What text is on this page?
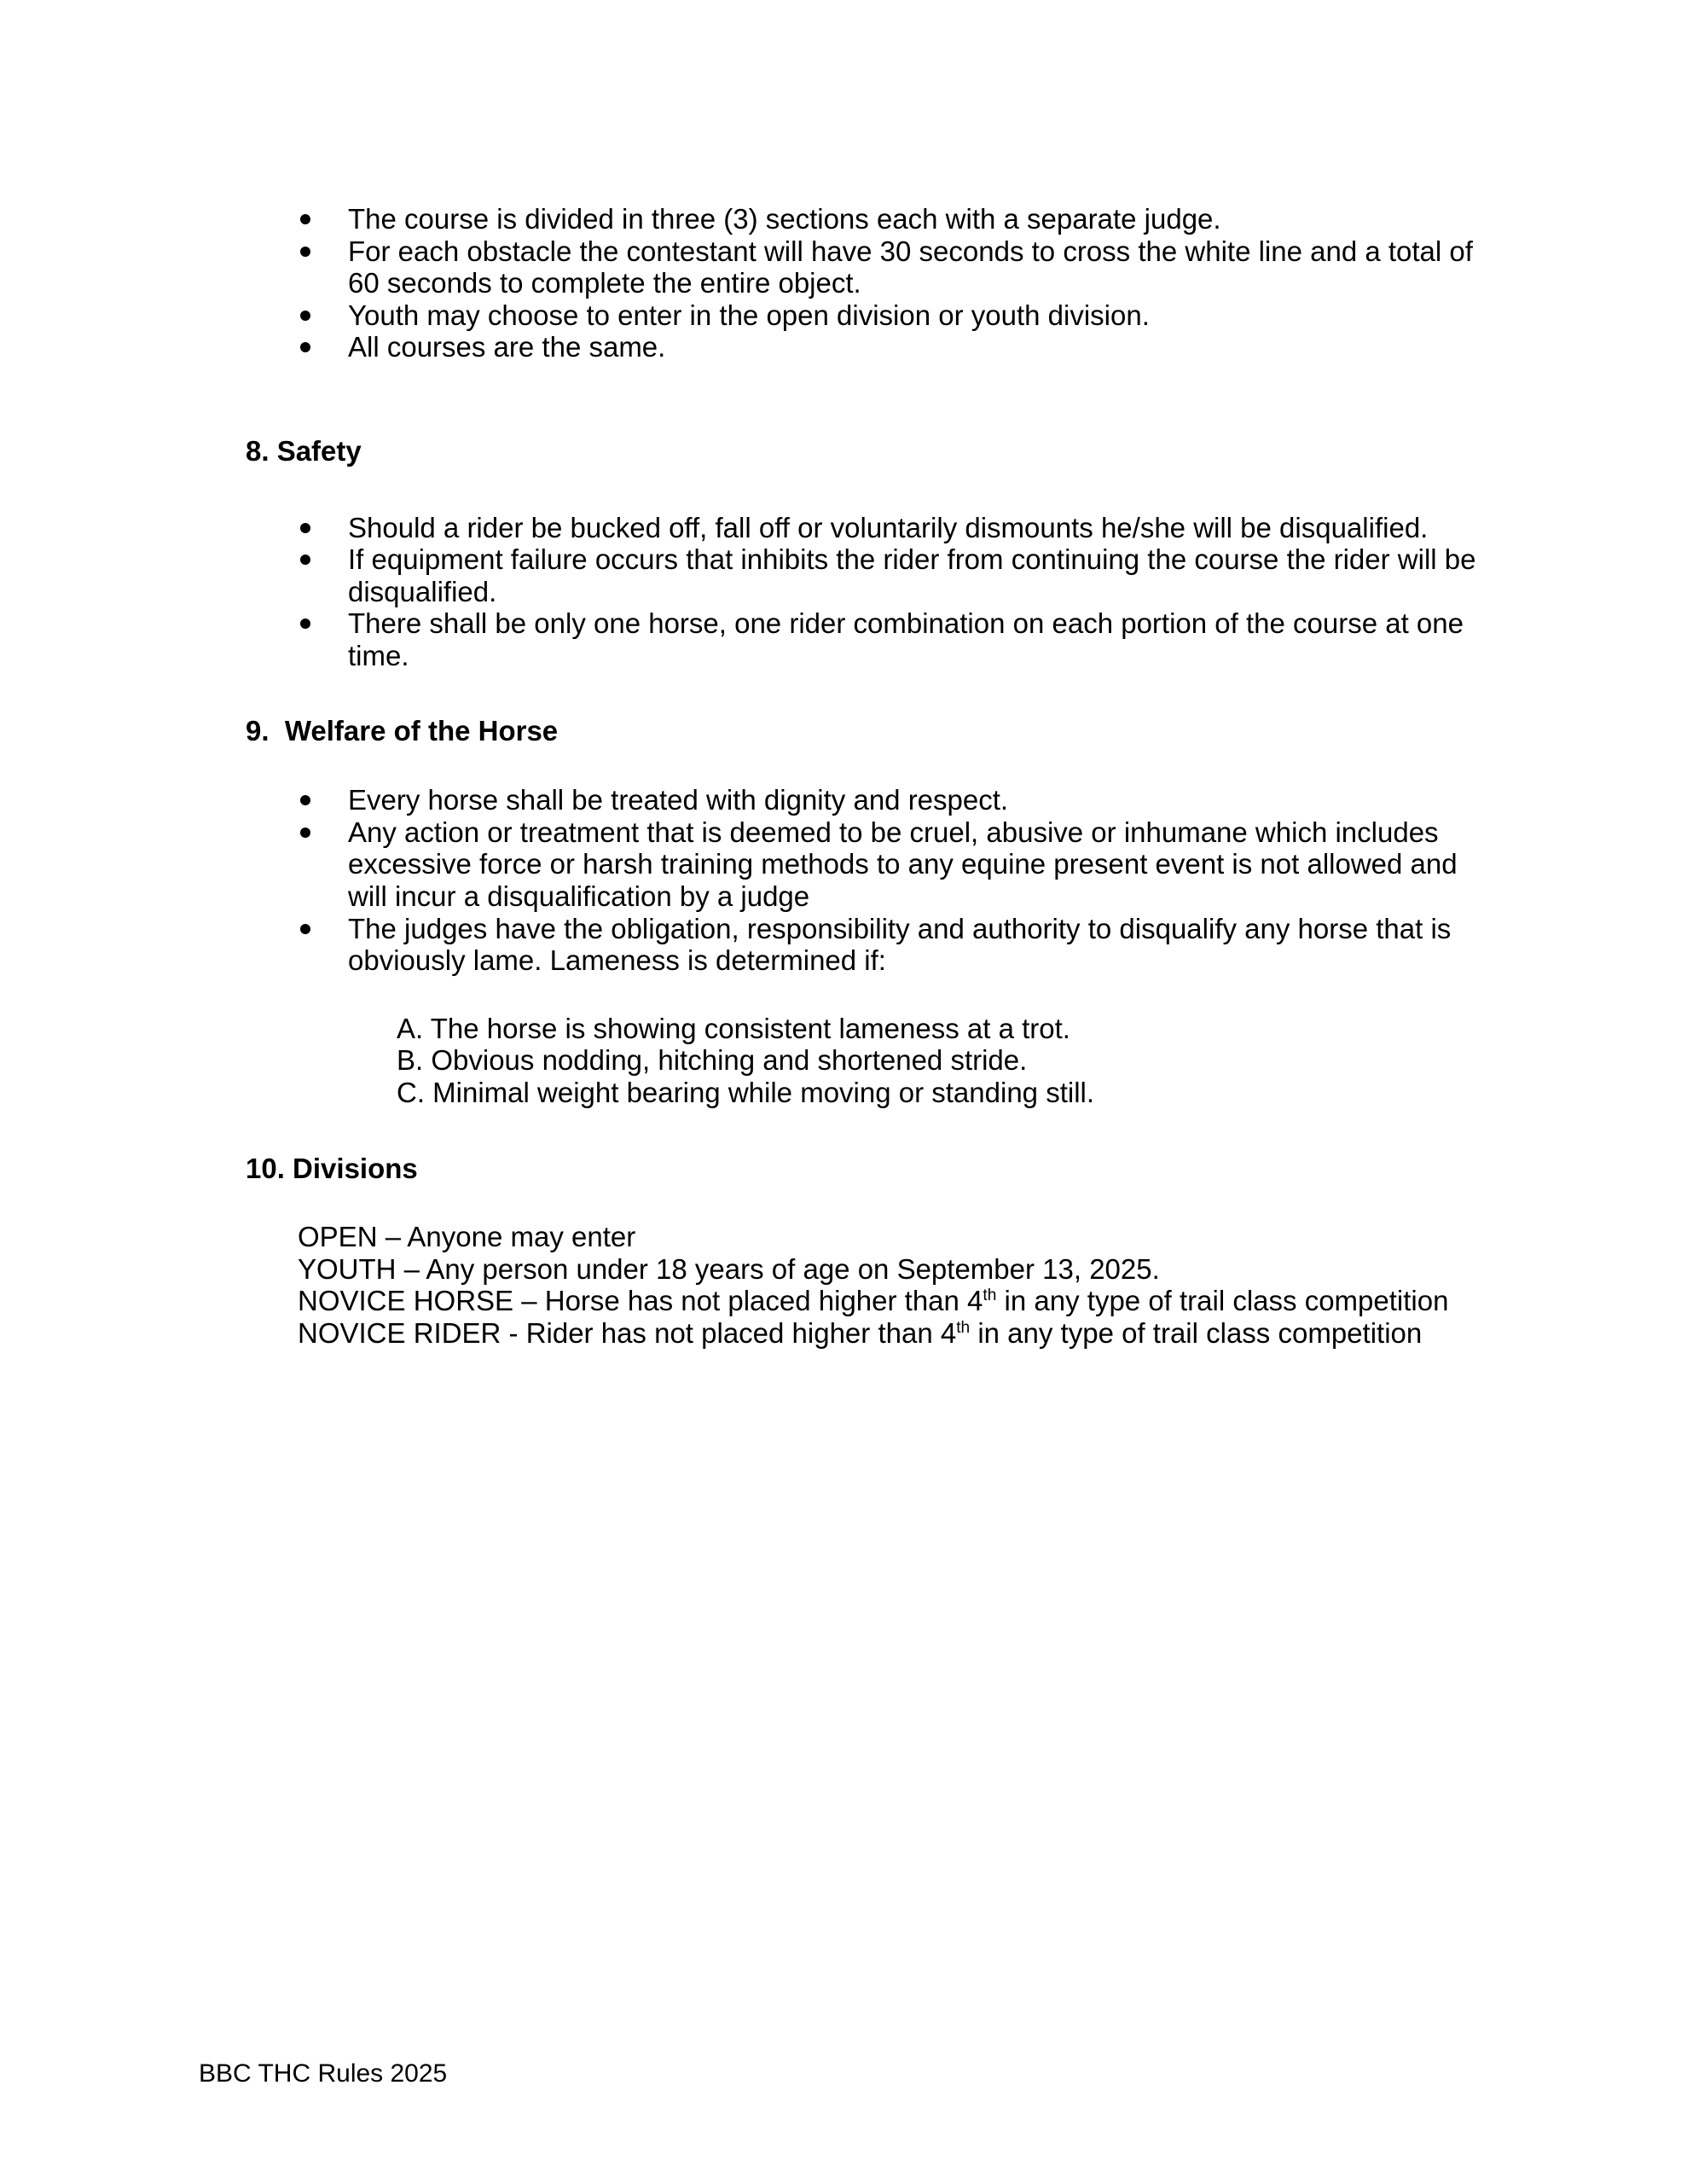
The course is divided in three (3) sections each with a separate judge.
For each obstacle the contestant will have 30 seconds to cross the white line and a total of 60 seconds to complete the entire object.
Youth may choose to enter in the open division or youth division.
All courses are the same.
8. Safety
Should a rider be bucked off, fall off or voluntarily dismounts he/she will be disqualified.
If equipment failure occurs that inhibits the rider from continuing the course the rider will be disqualified.
There shall be only one horse, one rider combination on each portion of the course at one time.
9.  Welfare of the Horse
Every horse shall be treated with dignity and respect.
Any action or treatment that is deemed to be cruel, abusive or inhumane which includes excessive force or harsh training methods to any equine present event is not allowed and will incur a disqualification by a judge
The judges have the obligation, responsibility and authority to disqualify any horse that is obviously lame. Lameness is determined if:
A. The horse is showing consistent lameness at a trot.
B. Obvious nodding, hitching and shortened stride.
C. Minimal weight bearing while moving or standing still.
10. Divisions
OPEN – Anyone may enter
YOUTH – Any person under 18 years of age on September 13, 2025.
NOVICE HORSE – Horse has not placed higher than 4th in any type of trail class competition
NOVICE RIDER - Rider has not placed higher than 4th in any type of trail class competition
BBC THC Rules 2025
